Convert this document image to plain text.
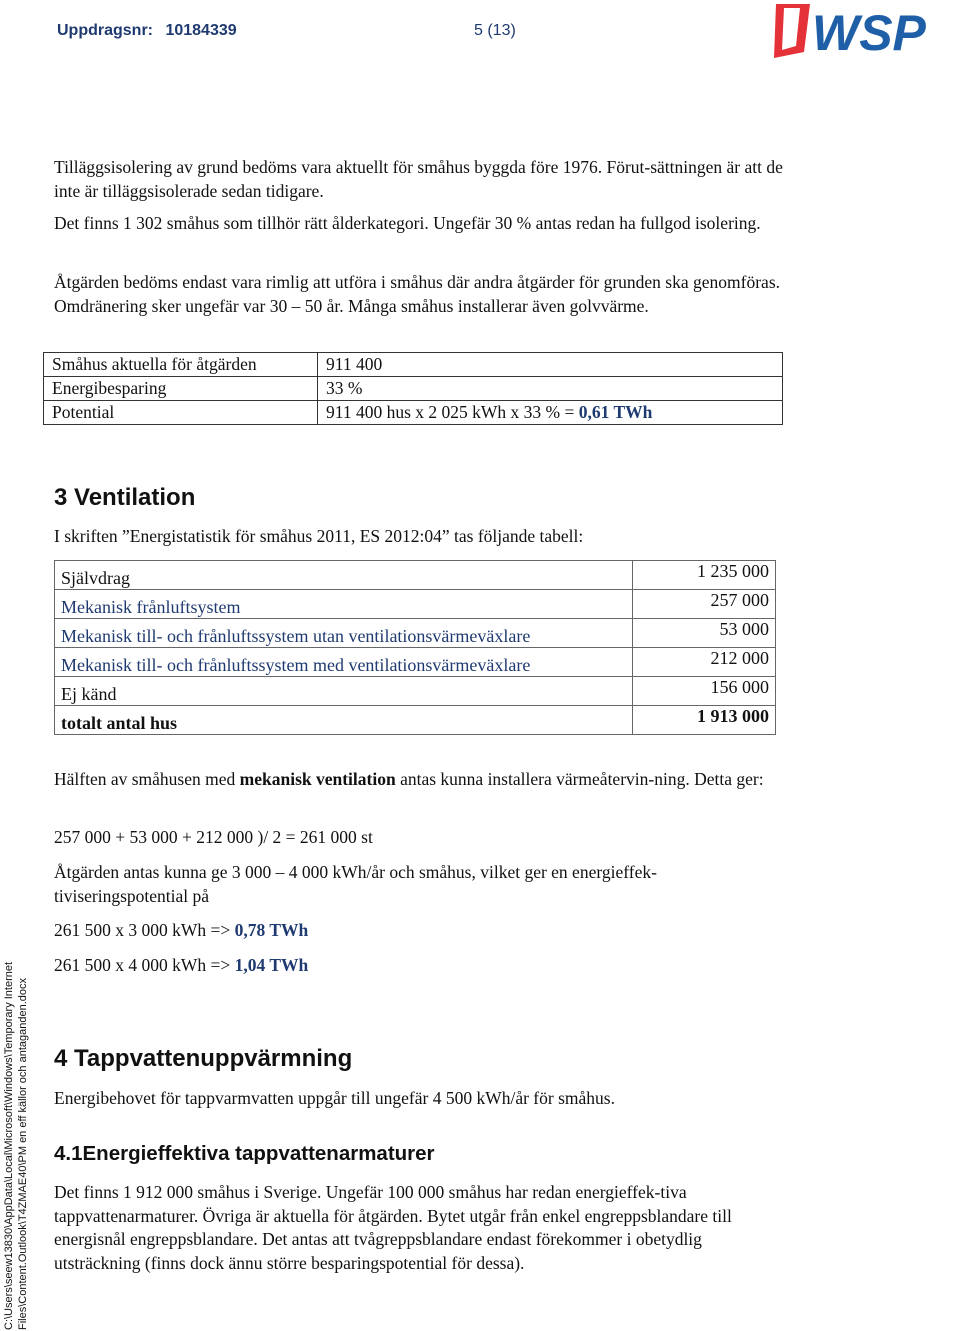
Uppdragsnr: 10184339	5 (13)	WSP
Tilläggsisolering av grund bedöms vara aktuellt för småhus byggda före 1976. Förut-sättningen är att de inte är tilläggsisolerade sedan tidigare.
Det finns 1 302 småhus som tillhör rätt ålderkategori. Ungefär 30 % antas redan ha fullgod isolering.
Åtgärden bedöms endast vara rimlig att utföra i småhus där andra åtgärder för grunden ska genomföras. Omdränering sker ungefär var 30 – 50 år. Många småhus installerar även golvvärme.
Småhus aktuella för åtgärden	911 400
Energibesparing	33 %
Potential	911 400 hus x 2 025 kWh x 33 % = 0,61 TWh
3 Ventilation
I skriften ”Energistatistik för småhus 2011, ES 2012:04” tas följande tabell:
Självdrag	1 235 000
Mekanisk frånluftsystem	257 000
Mekanisk till- och frånluftssystem utan ventilationsvärmeväxlare	53 000
Mekanisk till- och frånluftssystem med ventilationsvärmeväxlare	212 000
Ej känd	156 000
totalt antal hus	1 913 000
Hälften av småhusen med mekanisk ventilation antas kunna installera värmeåtervin-ning. Detta ger:
257 000 + 53 000 + 212 000 )/ 2 = 261 000 st
Åtgärden antas kunna ge 3 000 – 4 000 kWh/år och småhus, vilket ger en energieffek-tiviseringspotential på
261 500 x 3 000 kWh => 0,78 TWh
261 500 x 4 000 kWh => 1,04 TWh
4 Tappvattenuppvärmning
Energibehovet för tappvarmvatten uppgår till ungefär 4 500 kWh/år för småhus.
4.1Energieffektiva tappvattenarmaturer
Det finns 1 912 000 småhus i Sverige. Ungefär 100 000 småhus har redan energieffek-tiva tappvattenarmaturer. Övriga är aktuella för åtgärden. Bytet utgår från enkel engreppsblandare till energisnål engreppsblandare. Det antas att tvågreppsblandare endast förekommer i obetydlig utsträckning (finns dock ännu större besparingspotential för dessa).
C:\Users\seew13830\AppData\Local\Microsoft\Windows\Temporary Internet Files\Content.Outlook\T4ZMAE40\PM en eff källor och antaganden.docx
